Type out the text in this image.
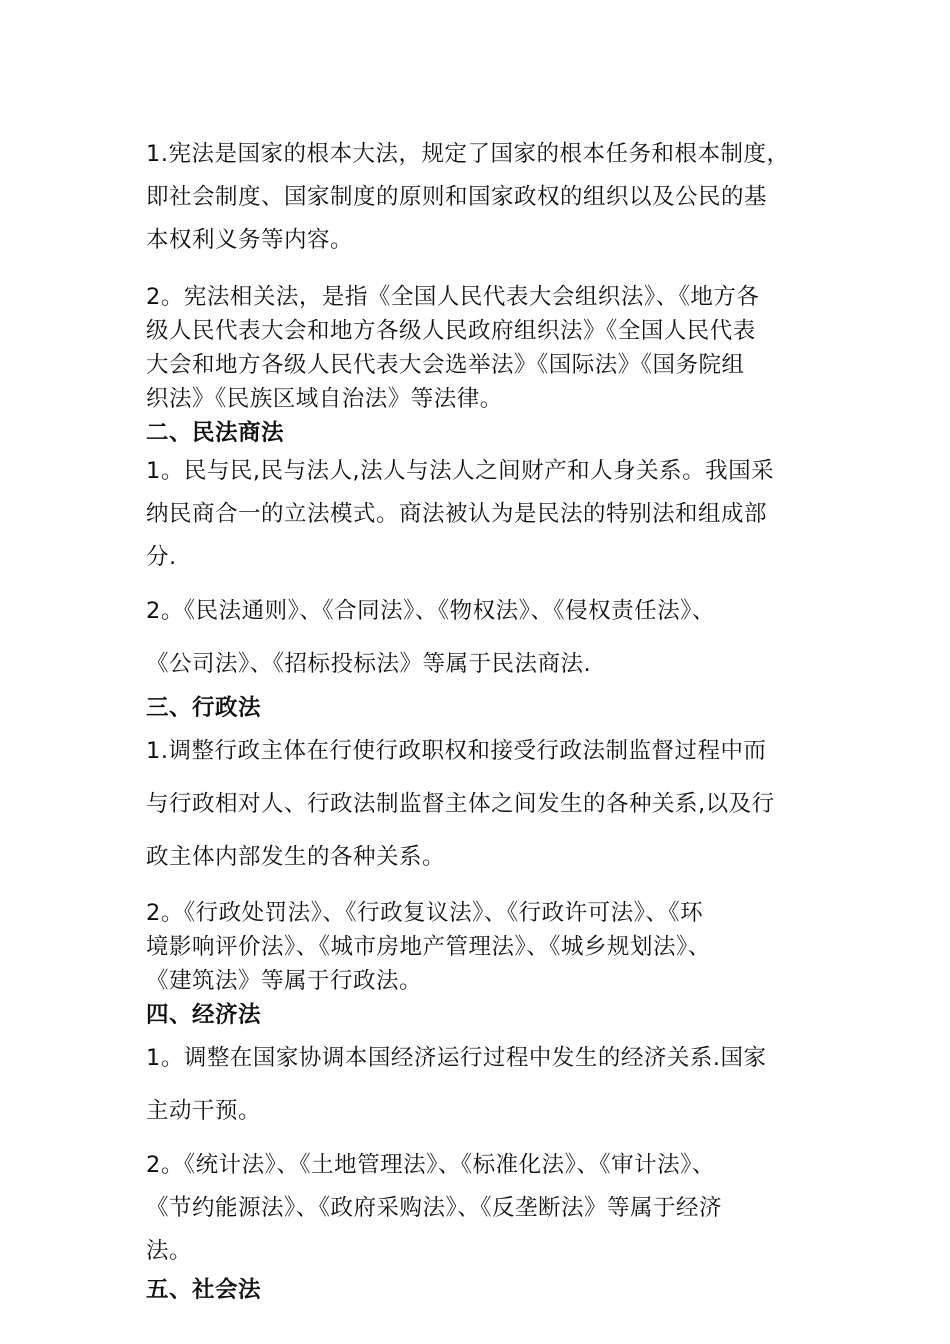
1.宪法是国家的根本大法，规定了国家的根本任务和根本制度，
即社会制度、国家制度的原则和国家政权的组织以及公民的基
本权利义务等内容。

2。宪法相关法，是指《全国人民代表大会组织法》、《地方各
级人民代表大会和地方各级人民政府组织法》《全国人民代表
大会和地方各级人民代表大会选举法》《国际法》《国务院组
织法》《民族区域自治法》等法律。

二、民法商法

1。民与民,民与法人,法人与法人之间财产和人身关系。我国采
纳民商合一的立法模式。商法被认为是民法的特别法和组成部
分.

2。《民法通则》、《合同法》、《物权法》、《侵权责任法》、
《公司法》、《招标投标法》等属于民法商法.

三、行政法

1.调整行政主体在行使行政职权和接受行政法制监督过程中而
与行政相对人、行政法制监督主体之间发生的各种关系,以及行
政主体内部发生的各种关系。

2。《行政处罚法》、《行政复议法》、《行政许可法》、《环
境影响评价法》、《城市房地产管理法》、《城乡规划法》、
《建筑法》等属于行政法。

四、经济法

1。调整在国家协调本国经济运行过程中发生的经济关系.国家
主动干预。

2。《统计法》、《土地管理法》、《标准化法》、《审计法》、
《节约能源法》、《政府采购法》、《反垄断法》等属于经济
法。

五、社会法
